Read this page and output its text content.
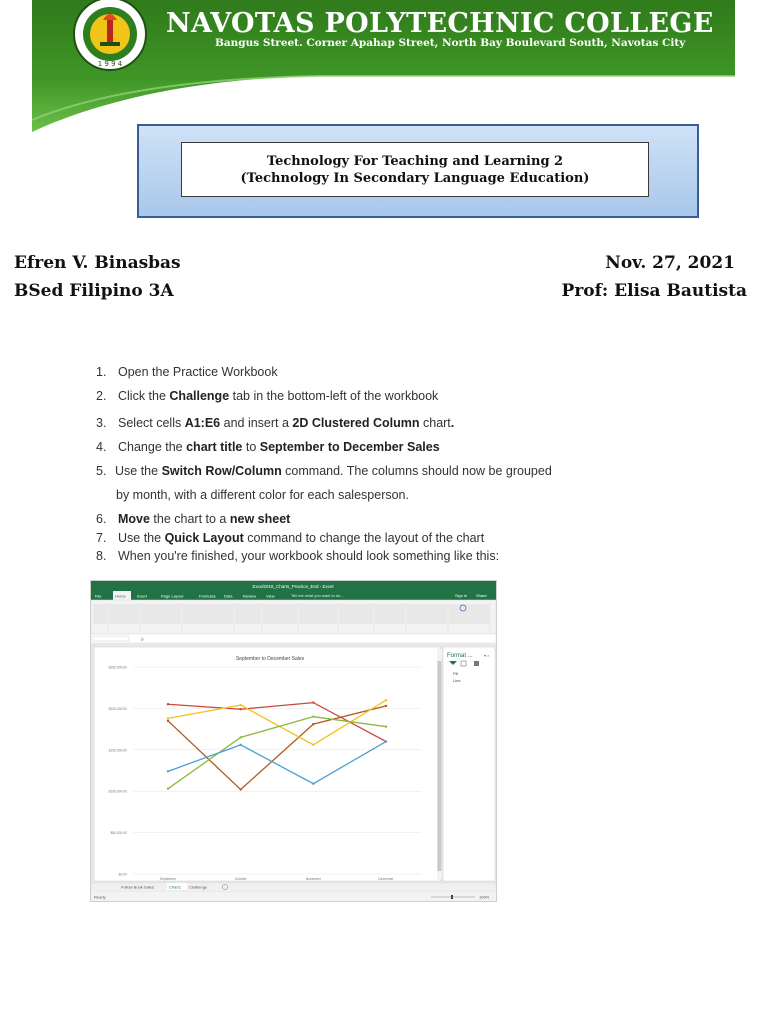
1 9 9 4
NAVOTAS POLYTECHNIC COLLEGE
Bangus Street. Corner Apahap Street, North Bay Boulevard South, Navotas City
Technology For Teaching and Learning 2
(Technology In Secondary Language Education)
Efren V. Binasbas
BSed Filipino 3A
Nov. 27, 2021
Prof: Elisa Bautista
1. Open the Practice Workbook
2. Click the Challenge tab in the bottom-left of the workbook
3. Select cells A1:E6 and insert a 2D Clustered Column chart.
4. Change the chart title to September to December Sales
5. Use the Switch Row/Column command. The columns should now be grouped
by month, with a different color for each salesperson.
6. Move the chart to a new sheet
7. Use the Quick Layout command to change the layout of the chart
8. When you're finished, your workbook should look something like this:
Excel2016_Charts_Practice_End - Excel
File	Home	Insert	Page Layout	Formulas Data	Review View	Tell me what you want to do...	Sign in Share
fx
September to December Sales
$0.00
$50,000.00
$100,000.00
$150,000.00
$200,000.00
$250,000.00
September	October	November	December
Format ...	▾ ×
Fill
Line
Follow Book Sales	Chart1 Challenge
Ready	100%
